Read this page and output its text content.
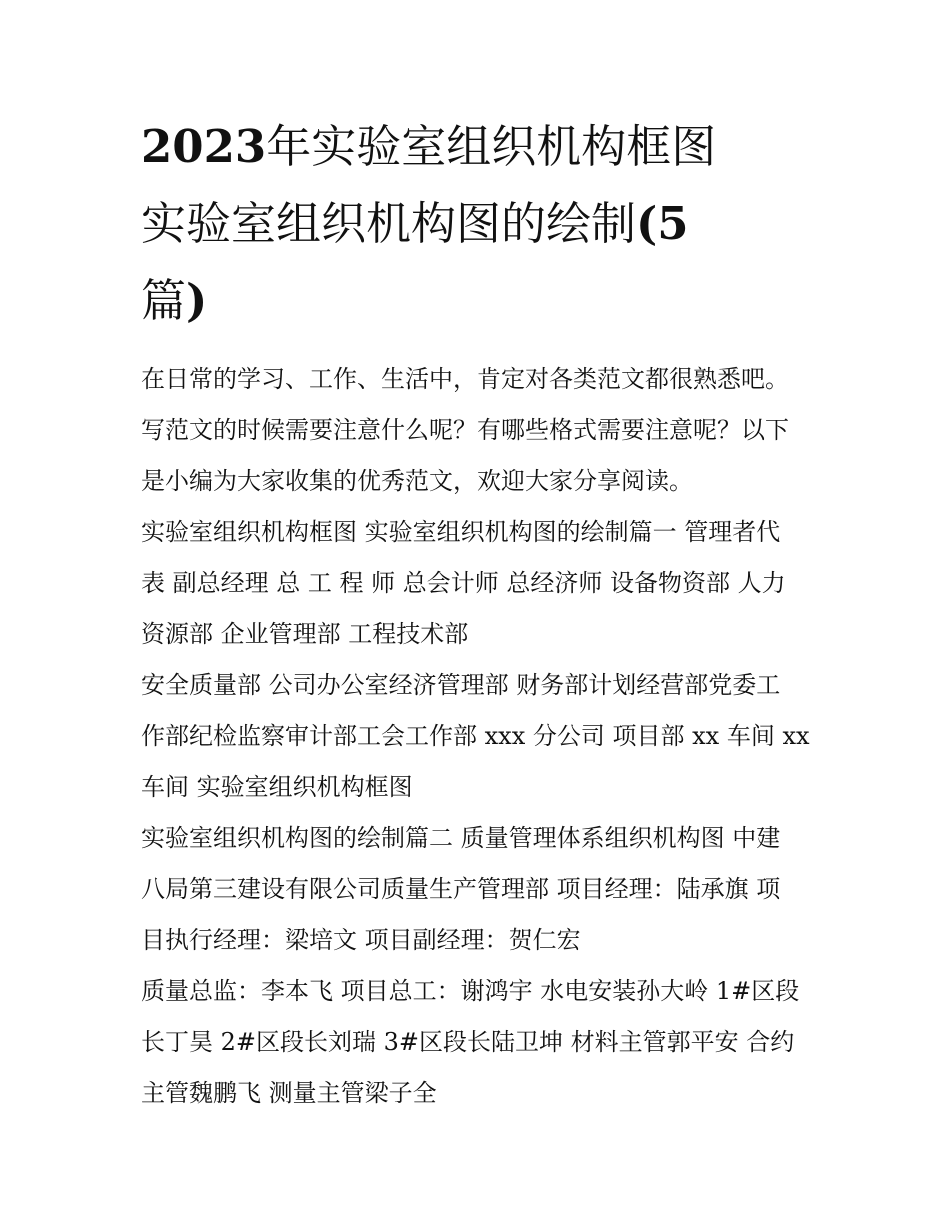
2023年实验室组织机构框图
实验室组织机构图的绘制(5
篇)

在日常的学习、工作、生活中，肯定对各类范文都很熟悉吧。
写范文的时候需要注意什么呢？有哪些格式需要注意呢？以下
是小编为大家收集的优秀范文，欢迎大家分享阅读。

实验室组织机构框图 实验室组织机构图的绘制篇一 管理者代
表 副总经理 总 工 程 师 总会计师 总经济师 设备物资部 人力
资源部 企业管理部 工程技术部

安全质量部 公司办公室经济管理部 财务部计划经营部党委工
作部纪检监察审计部工会工作部 xxx 分公司 项目部 xx 车间 xx
车间 实验室组织机构框图

实验室组织机构图的绘制篇二 质量管理体系组织机构图 中建
八局第三建设有限公司质量生产管理部 项目经理：陆承旗 项
目执行经理：梁培文 项目副经理：贺仁宏

质量总监：李本飞 项目总工：谢鸿宇 水电安装孙大岭 1#区段
长丁昊 2#区段长刘瑞 3#区段长陆卫坤 材料主管郭平安 合约
主管魏鹏飞 测量主管梁子全
